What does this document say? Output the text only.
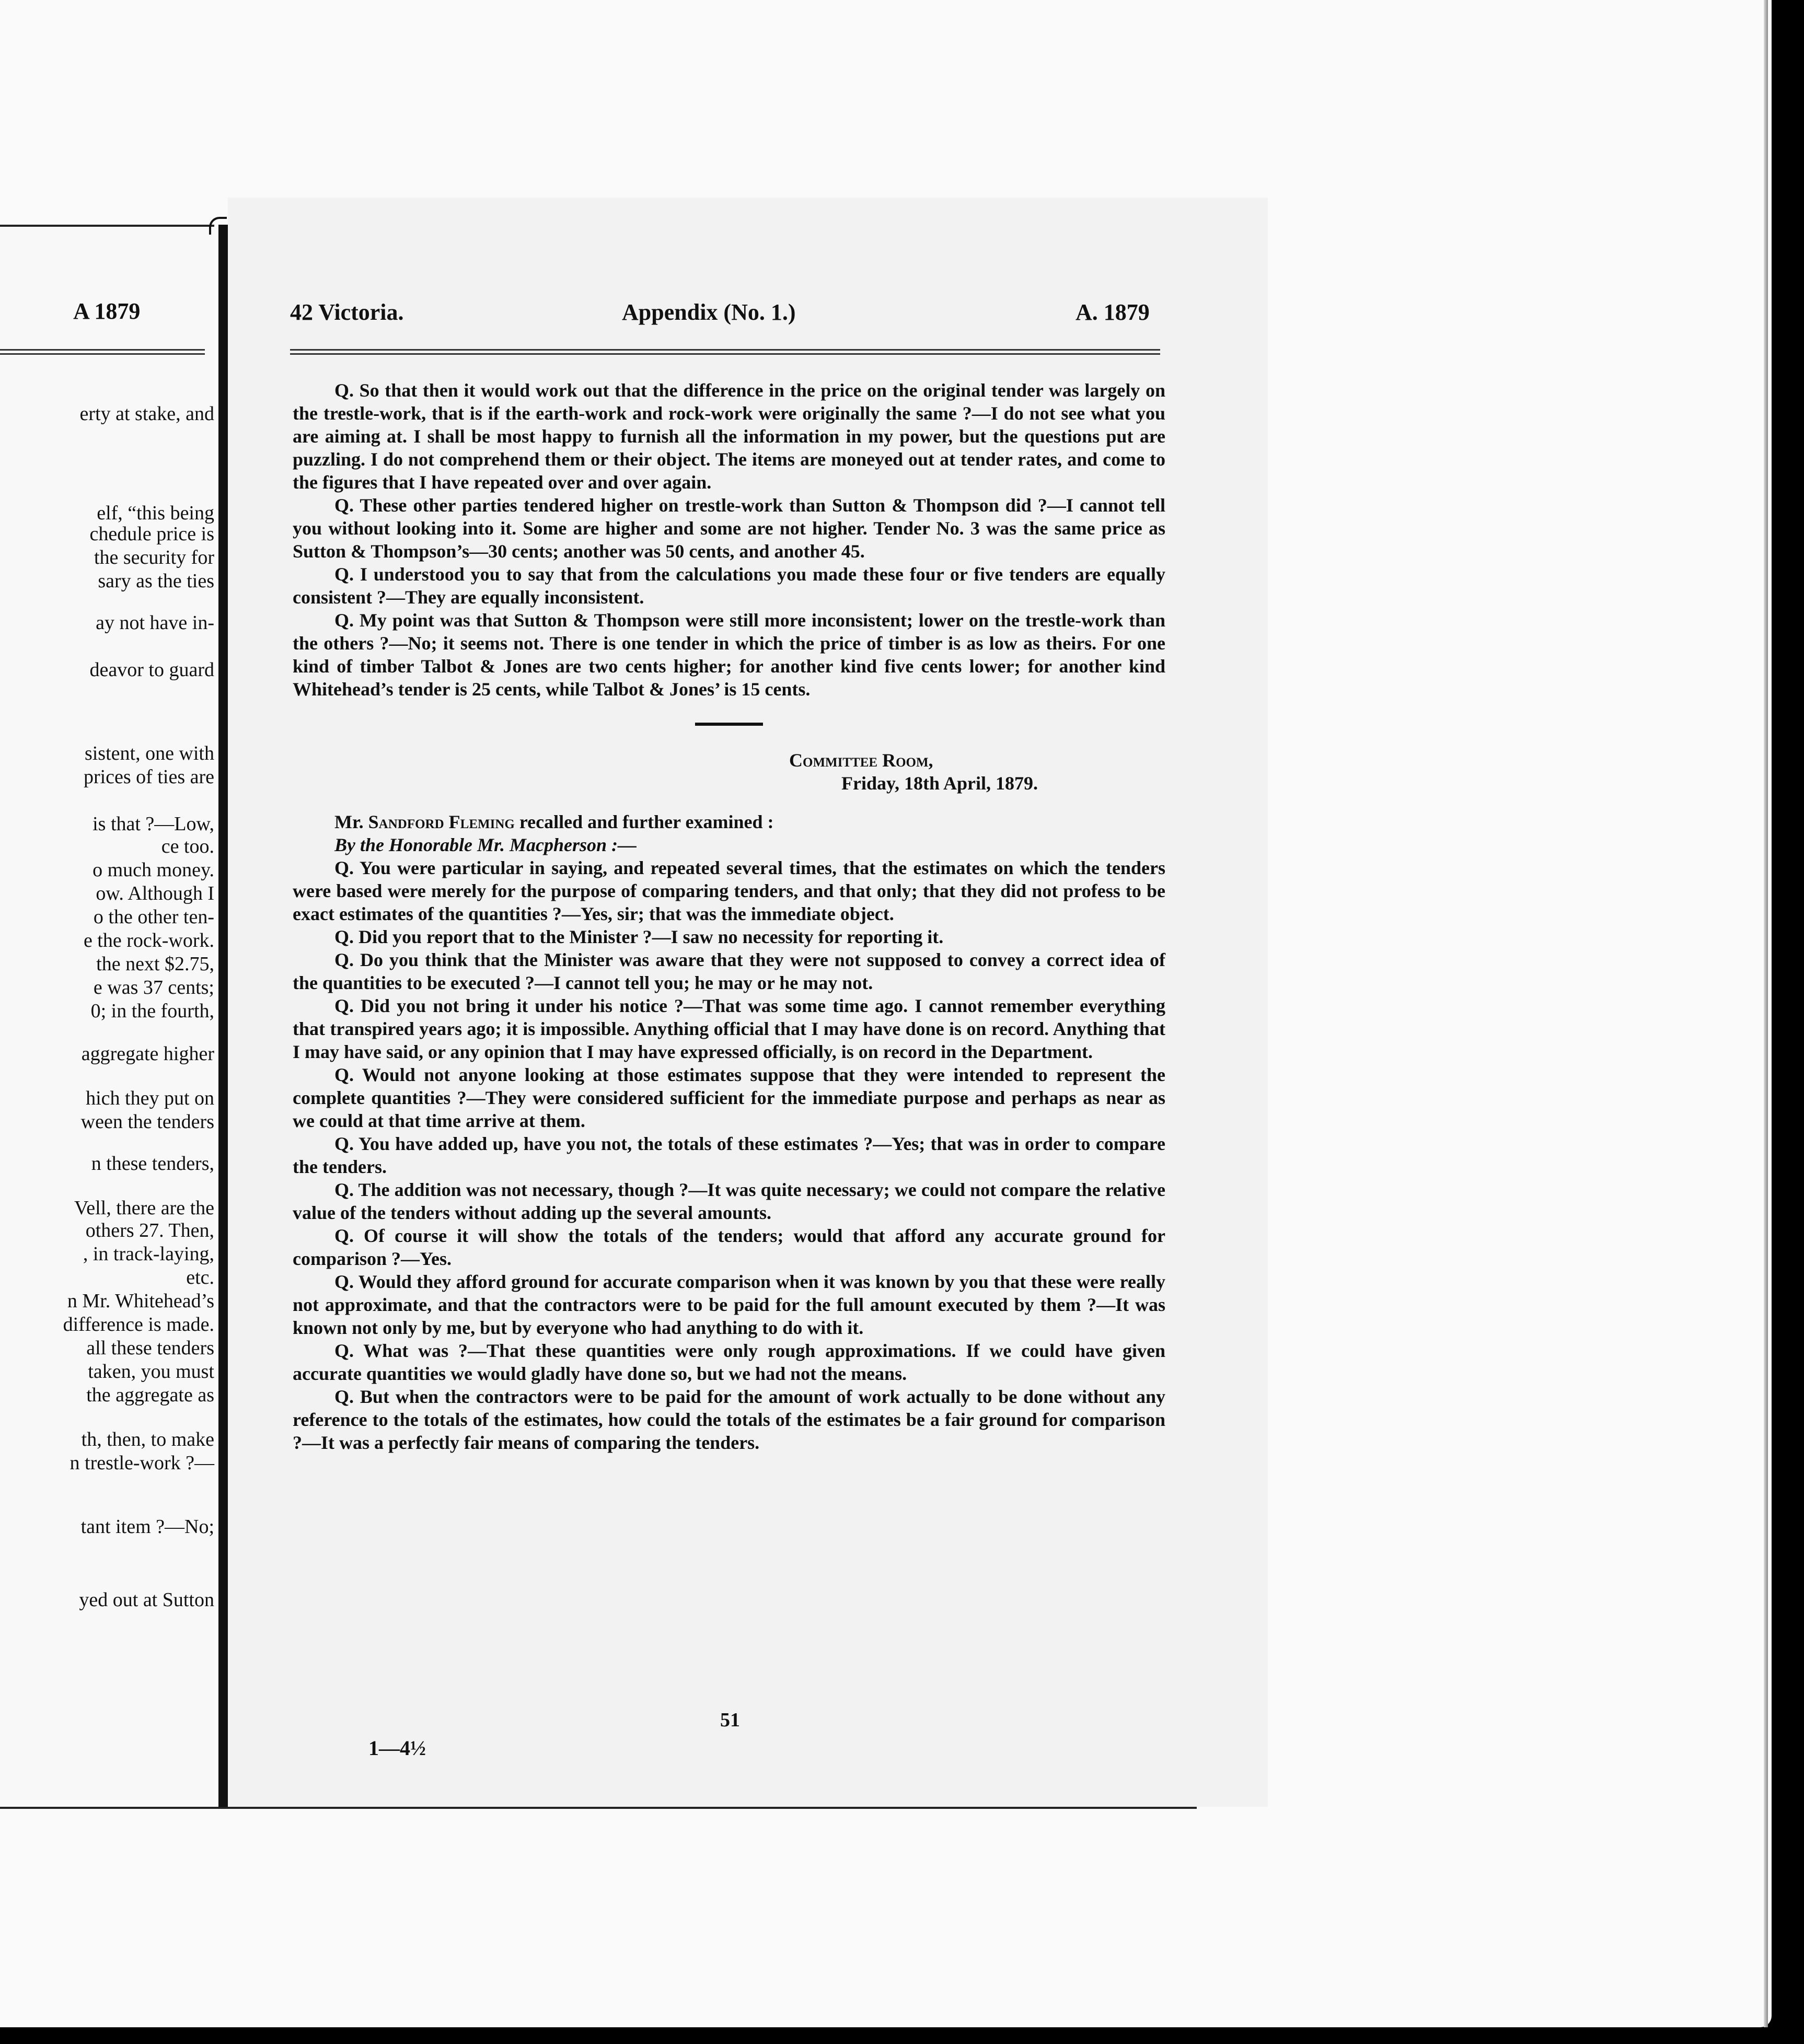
A 1879
erty at stake, and
elf, “this being
chedule price is
the security for
sary as the ties
ay not have in-
deavor to guard
sistent, one with
prices of ties are
is that ?—Low,
ce too.
o much money.
ow. Although I
o the other ten-
e the rock-work.
the next $2.75,
e was 37 cents;
0; in the fourth,
aggregate higher
hich they put on
ween the tenders
n these tenders,
Vell, there are the
others 27. Then,
, in track-laying,
etc.
n Mr. Whitehead’s
difference is made.
all these tenders
taken, you must
the aggregate as
th, then, to make
n trestle-work ?—
tant item ?—No;
yed out at Sutton
42 Victoria.	Appendix (No. 1.)	A. 1879

Q. So that then it would work out that the difference in the price on the original tender was largely on the trestle-work, that is if the earth-work and rock-work were originally the same ?—I do not see what you are aiming at. I shall be most happy to furnish all the information in my power, but the questions put are puzzling. I do not comprehend them or their object. The items are moneyed out at tender rates, and come to the figures that I have repeated over and over again.

Q. These other parties tendered higher on trestle-work than Sutton & Thompson did ?—I cannot tell you without looking into it. Some are higher and some are not higher. Tender No. 3 was the same price as Sutton & Thompson’s—30 cents; another was 50 cents, and another 45.

Q. I understood you to say that from the calculations you made these four or five tenders are equally consistent ?—They are equally inconsistent.

Q. My point was that Sutton & Thompson were still more inconsistent; lower on the trestle-work than the others ?—No; it seems not. There is one tender in which the price of timber is as low as theirs. For one kind of timber Talbot & Jones are two cents higher; for another kind five cents lower; for another kind Whitehead’s tender is 25 cents, while Talbot & Jones’ is 15 cents.

Committee Room,

Friday, 18th April, 1879.

Mr. Sandford Fleming recalled and further examined :

By the Honorable Mr. Macpherson :—

Q. You were particular in saying, and repeated several times, that the estimates on which the tenders were based were merely for the purpose of comparing tenders, and that only; that they did not profess to be exact estimates of the quantities ?—Yes, sir; that was the immediate object.

Q. Did you report that to the Minister ?—I saw no necessity for reporting it.

Q. Do you think that the Minister was aware that they were not supposed to convey a correct idea of the quantities to be executed ?—I cannot tell you; he may or he may not.

Q. Did you not bring it under his notice ?—That was some time ago. I cannot remember everything that transpired years ago; it is impossible. Anything official that I may have done is on record. Anything that I may have said, or any opinion that I may have expressed officially, is on record in the Department.

Q. Would not anyone looking at those estimates suppose that they were intended to represent the complete quantities ?—They were considered sufficient for the immediate purpose and perhaps as near as we could at that time arrive at them.

Q. You have added up, have you not, the totals of these estimates ?—Yes; that was in order to compare the tenders.

Q. The addition was not necessary, though ?—It was quite necessary; we could not compare the relative value of the tenders without adding up the several amounts.

Q. Of course it will show the totals of the tenders; would that afford any accurate ground for comparison ?—Yes.

Q. Would they afford ground for accurate comparison when it was known by you that these were really not approximate, and that the contractors were to be paid for the full amount executed by them ?—It was known not only by me, but by everyone who had anything to do with it.

Q. What was ?—That these quantities were only rough approximations. If we could have given accurate quantities we would gladly have done so, but we had not the means.

Q. But when the contractors were to be paid for the amount of work actually to be done without any reference to the totals of the estimates, how could the totals of the estimates be a fair ground for comparison ?—It was a perfectly fair means of comparing the tenders.

51
1—4½
